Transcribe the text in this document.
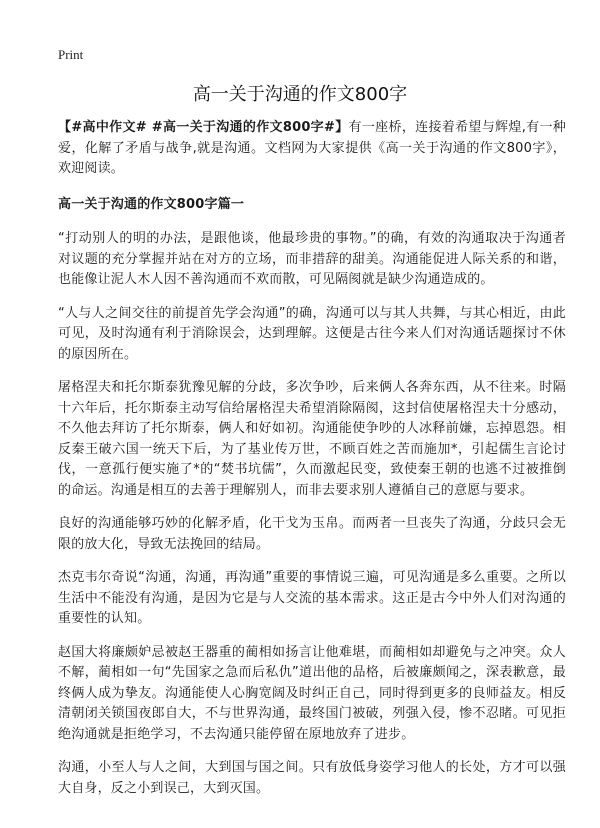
Print
高一关于沟通的作文800字

【#高中作文# #高一关于沟通的作文800字#】有一座桥，连接着希望与辉煌,有一种爱，化解了矛盾与战争,就是沟通。文档网为大家提供《高一关于沟通的作文800字》，欢迎阅读。

高一关于沟通的作文800字篇一

“打动别人的明的办法，是跟他谈，他最珍贵的事物。”的确，有效的沟通取决于沟通者对议题的充分掌握并站在对方的立场，而非措辞的甜美。沟通能促进人际关系的和谐，也能像让泥人木人因不善沟通而不欢而散，可见隔阂就是缺少沟通造成的。

“人与人之间交往的前提首先学会沟通”的确，沟通可以与其人共舞，与其心相近，由此可见，及时沟通有利于消除误会，达到理解。这便是古往今来人们对沟通话题探讨不休的原因所在。

屠格涅夫和托尔斯泰犹豫见解的分歧，多次争吵，后来俩人各奔东西，从不往来。时隔十六年后，托尔斯泰主动写信给屠格涅夫希望消除隔阂，这封信使屠格涅夫十分感动，不久他去拜访了托尔斯泰，俩人和好如初。沟通能使争吵的人冰释前嫌，忘掉恩怨。相反秦王破六国一统天下后，为了基业传万世，不顾百姓之苦而施加*，引起儒生言论讨伐，一意孤行便实施了*的“焚书坑儒”，久而激起民变，致使秦王朝的也逃不过被推倒的命运。沟通是相互的去善于理解别人，而非去要求别人遵循自己的意愿与要求。

良好的沟通能够巧妙的化解矛盾，化干戈为玉帛。而两者一旦丧失了沟通，分歧只会无限的放大化，导致无法挽回的结局。

杰克韦尔奇说“沟通，沟通，再沟通”重要的事情说三遍，可见沟通是多么重要。之所以生活中不能没有沟通，是因为它是与人交流的基本需求。这正是古今中外人们对沟通的重要性的认知。

赵国大将廉颇妒忌被赵王器重的蔺相如扬言让他难堪，而蔺相如却避免与之冲突。众人不解，蔺相如一句“先国家之急而后私仇”道出他的品格，后被廉颇闻之，深表歉意，最终俩人成为挚友。沟通能使人心胸宽阔及时纠正自己，同时得到更多的良师益友。相反清朝闭关锁国夜郎自大，不与世界沟通，最终国门被破，列强入侵，惨不忍睹。可见拒绝沟通就是拒绝学习，不去沟通只能停留在原地放弃了进步。

沟通，小至人与人之间，大到国与国之间。只有放低身姿学习他人的长处，方才可以强大自身，反之小到误己，大到灭国。
